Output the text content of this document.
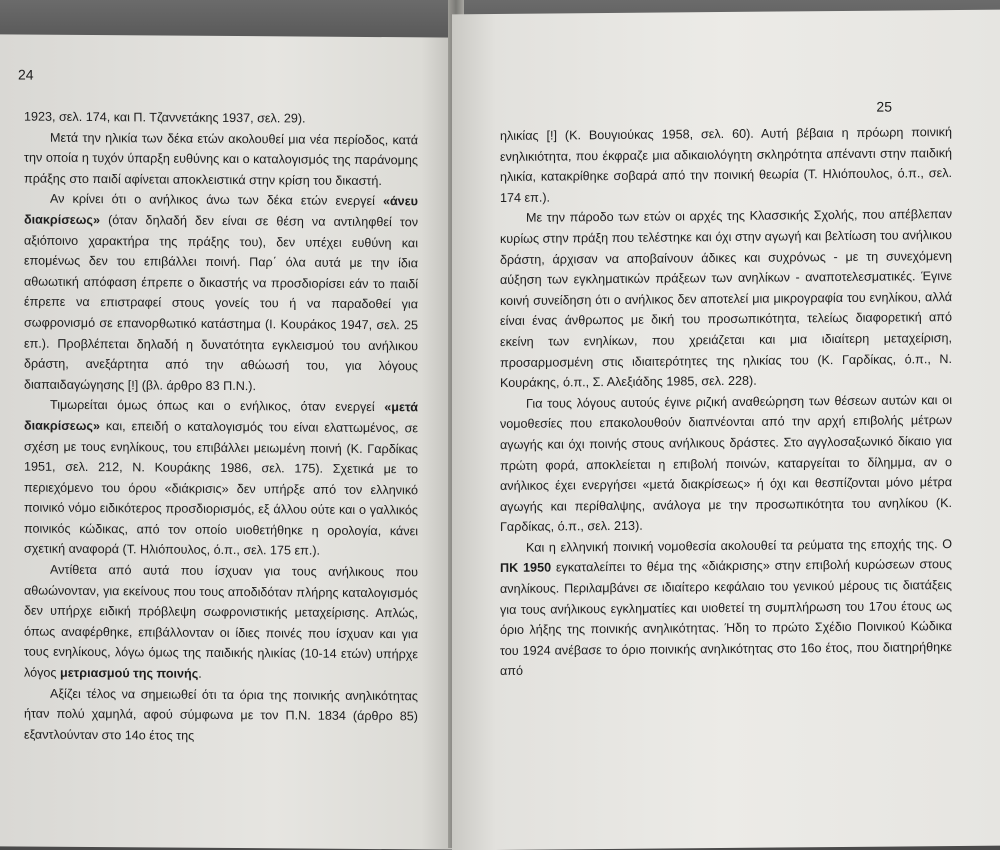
24

1923, σελ. 174, και Π. Τζαννετάκης 1937, σελ. 29).

Μετά την ηλικία των δέκα ετών ακολουθεί μια νέα περίοδος, κατά την οποία η τυχόν ύπαρξη ευθύνης και ο καταλογισμός της παράνομης πράξης στο παιδί αφίνεται αποκλειστικά στην κρίση του δικαστή.

Αν κρίνει ότι ο ανήλικος άνω των δέκα ετών ενεργεί «άνευ διακρίσεως» (όταν δηλαδή δεν είναι σε θέση να αντιληφθεί τον αξιόποινο χαρακτήρα της πράξης του), δεν υπέχει ευθύνη και επομένως δεν του επιβάλλει ποινή. Παρ΄ όλα αυτά με την ίδια αθωωτική απόφαση έπρεπε ο δικαστής να προσδιορίσει εάν το παιδί έπρεπε να επιστραφεί στους γονείς του ή να παραδοθεί για σωφρονισμό σε επανορθωτικό κατάστημα (Ι. Κουράκος 1947, σελ. 25 επ.). Προβλέπεται δηλαδή η δυνατότητα εγκλεισμού του ανήλικου δράστη, ανεξάρτητα από την αθώωσή του, για λόγους διαπαιδαγώγησης [!] (βλ. άρθρο 83 Π.Ν.).

Τιμωρείται όμως όπως και ο ενήλικος, όταν ενεργεί «μετά διακρίσεως» και, επειδή ο καταλογισμός του είναι ελαττωμένος, σε σχέση με τους ενηλίκους, του επιβάλλει μειωμένη ποινή (Κ. Γαρδίκας 1951, σελ. 212, Ν. Κουράκης 1986, σελ. 175). Σχετικά με το περιεχόμενο του όρου «διάκρισις» δεν υπήρξε από τον ελληνικό ποινικό νόμο ειδικότερος προσδιορισμός, εξ άλλου ούτε και ο γαλλικός ποινικός κώδικας, από τον οποίο υιοθετήθηκε η ορολογία, κάνει σχετική αναφορά (Τ. Ηλιόπουλος, ό.π., σελ. 175 επ.).

Αντίθετα από αυτά που ίσχυαν για τους ανήλικους που αθωώνονταν, για εκείνους που τους αποδιδόταν πλήρης καταλογισμός δεν υπήρχε ειδική πρόβλεψη σωφρονιστικής μεταχείρισης. Απλώς, όπως αναφέρθηκε, επιβάλλονταν οι ίδιες ποινές που ίσχυαν και για τους ενηλίκους, λόγω όμως της παιδικής ηλικίας (10-14 ετών) υπήρχε λόγος μετριασμού της ποινής.

Αξίζει τέλος να σημειωθεί ότι τα όρια της ποινικής ανηλικότητας ήταν πολύ χαμηλά, αφού σύμφωνα με τον Π.Ν. 1834 (άρθρο 85) εξαντλούνταν στο 14ο έτος της

25

ηλικίας [!] (Κ. Βουγιούκας 1958, σελ. 60). Αυτή βέβαια η πρόωρη ποινική ενηλικιότητα, που έκφραζε μια αδικαιολόγητη σκληρότητα απέναντι στην παιδική ηλικία, κατακρίθηκε σοβαρά από την ποινική θεωρία (Τ. Ηλιόπουλος, ό.π., σελ. 174 επ.).

Με την πάροδο των ετών οι αρχές της Κλασσικής Σχολής, που απέβλεπαν κυρίως στην πράξη που τελέστηκε και όχι στην αγωγή και βελτίωση του ανήλικου δράστη, άρχισαν να αποβαίνουν άδικες και συχρόνως - με τη συνεχόμενη αύξηση των εγκληματικών πράξεων των ανηλίκων - αναποτελεσματικές. Έγινε κοινή συνείδηση ότι ο ανήλικος δεν αποτελεί μια μικρογραφία του ενηλίκου, αλλά είναι ένας άνθρωπος με δική του προσωπικότητα, τελείως διαφορετική από εκείνη των ενηλίκων, που χρειάζεται και μια ιδιαίτερη μεταχείριση, προσαρμοσμένη στις ιδιαιτερότητες της ηλικίας του (Κ. Γαρδίκας, ό.π., Ν. Κουράκης, ό.π., Σ. Αλεξιάδης 1985, σελ. 228).

Για τους λόγους αυτούς έγινε ριζική αναθεώρηση των θέσεων αυτών και οι νομοθεσίες που επακολουθούν διαπνέονται από την αρχή επιβολής μέτρων αγωγής και όχι ποινής στους ανήλικους δράστες. Στο αγγλοσαξωνικό δίκαιο για πρώτη φορά, αποκλείεται η επιβολή ποινών, καταργείται το δίλημμα, αν ο ανήλικος έχει ενεργήσει «μετά διακρίσεως» ή όχι και θεσπίζονται μόνο μέτρα αγωγής και περίθαλψης, ανάλογα με την προσωπικότητα του ανηλίκου (Κ. Γαρδίκας, ό.π., σελ. 213).

Και η ελληνική ποινική νομοθεσία ακολουθεί τα ρεύματα της εποχής της. Ο ΠΚ 1950 εγκαταλείπει το θέμα της «διάκρισης» στην επιβολή κυρώσεων στους ανηλίκους. Περιλαμβάνει σε ιδιαίτερο κεφάλαιο του γενικού μέρους τις διατάξεις για τους ανήλικους εγκληματίες και υιοθετεί τη συμπλήρωση του 17ου έτους ως όριο λήξης της ποινικής ανηλικότητας. Ήδη το πρώτο Σχέδιο Ποινικού Κώδικα του 1924 ανέβασε το όριο ποινικής ανηλικότητας στο 16ο έτος, που διατηρήθηκε από
